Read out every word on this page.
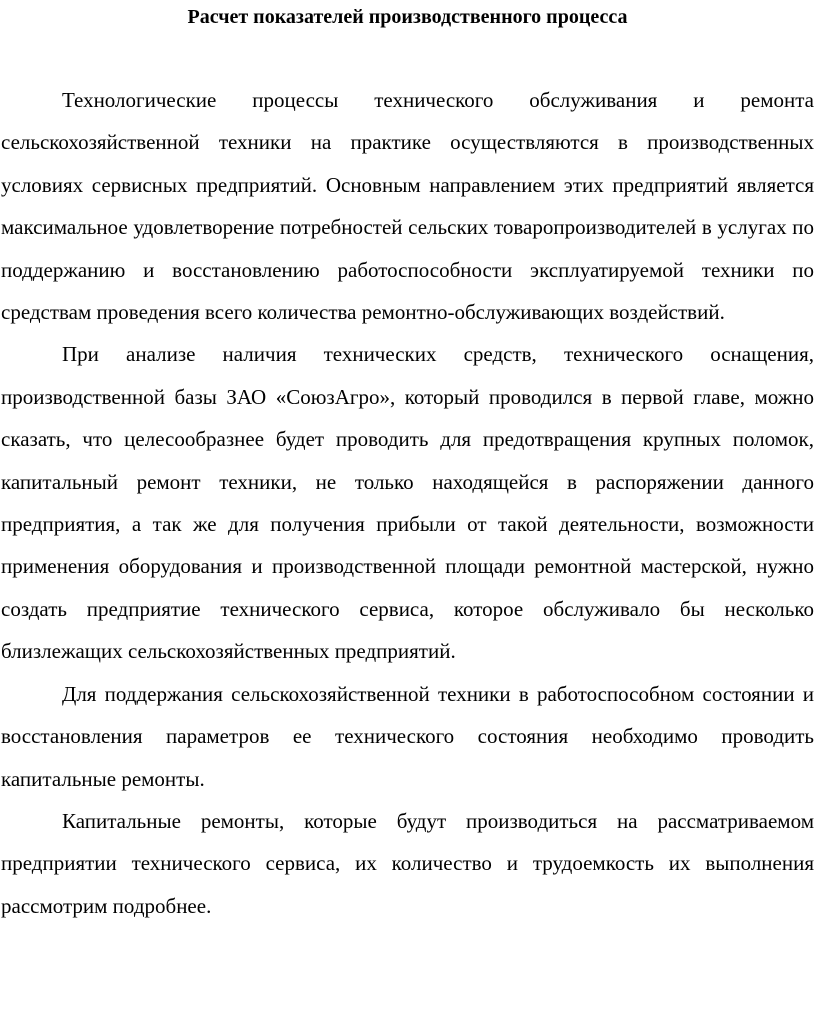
Расчет показателей производственного процесса

Технологические процессы технического обслуживания и ремонта сельскохозяйственной техники на практике осуществляются в производственных условиях сервисных предприятий. Основным направлением этих предприятий является максимальное удовлетворение потребностей сельских товаропроизводителей в услугах по поддержанию и восстановлению работоспособности эксплуатируемой техники по средствам проведения всего количества ремонтно-обслуживающих воздействий.

При анализе наличия технических средств, технического оснащения, производственной базы ЗАО «СоюзАгро», который проводился в первой главе, можно сказать, что целесообразнее будет проводить для предотвращения крупных поломок, капитальный ремонт техники, не только находящейся в распоряжении данного предприятия, а так же для получения прибыли от такой деятельности, возможности применения оборудования и производственной площади ремонтной мастерской, нужно создать предприятие технического сервиса, которое обслуживало бы несколько близлежащих сельскохозяйственных предприятий.

Для поддержания сельскохозяйственной техники в работоспособном состоянии и восстановления параметров ее технического состояния необходимо проводить капитальные ремонты.

Капитальные ремонты, которые будут производиться на рассматриваемом предприятии технического сервиса, их количество и трудоемкость их выполнения рассмотрим подробнее.
